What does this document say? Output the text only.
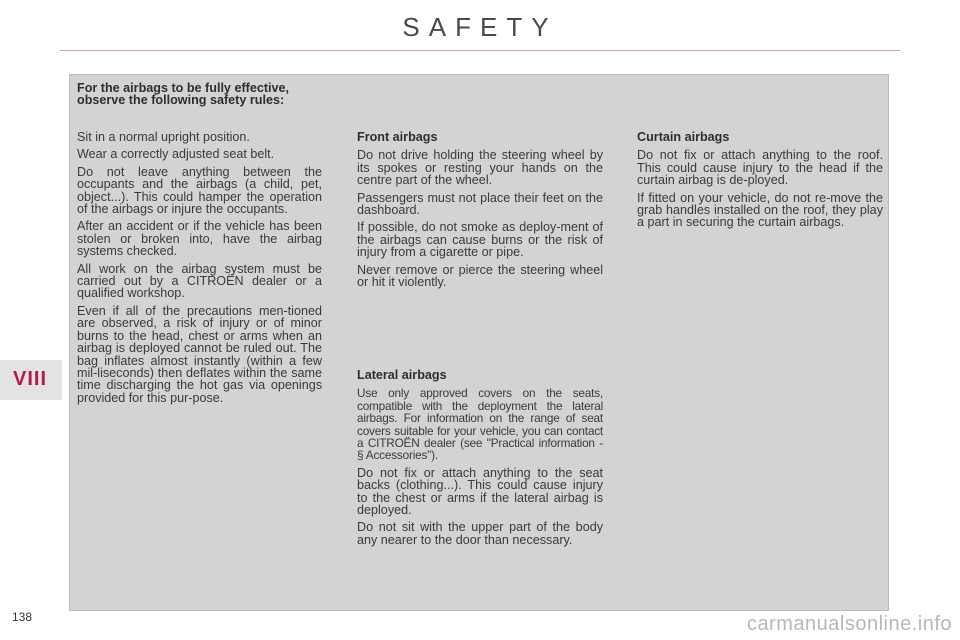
SAFETY
VIII
For the airbags to be fully effective, observe the following safety rules:

Sit in a normal upright position.

Wear a correctly adjusted seat belt.

Do not leave anything between the occupants and the airbags (a child, pet, object...). This could hamper the operation of the airbags or injure the occupants.

After an accident or if the vehicle has been stolen or broken into, have the airbag systems checked.

All work on the airbag system must be carried out by a CITROËN dealer or a qualified workshop.

Even if all of the precautions men-tioned are observed, a risk of injury or of minor burns to the head, chest or arms when an airbag is deployed cannot be ruled out. The bag inflates almost instantly (within a few mil-liseconds) then deflates within the same time discharging the hot gas via openings provided for this pur-pose.

Front airbags

Do not drive holding the steering wheel by its spokes or resting your hands on the centre part of the wheel.

Passengers must not place their feet on the dashboard.

If possible, do not smoke as deploy-ment of the airbags can cause burns or the risk of injury from a cigarette or pipe.

Never remove or pierce the steering wheel or hit it violently.

Lateral airbags

Use only approved covers on the seats, compatible with the deployment the lateral airbags. For information on the range of seat covers suitable for your vehicle, you can contact a CITROËN dealer (see "Practical information - § Accessories").

Do not fix or attach anything to the seat backs (clothing...). This could cause injury to the chest or arms if the lateral airbag is deployed.

Do not sit with the upper part of the body any nearer to the door than necessary.

Curtain airbags

Do not fix or attach anything to the roof. This could cause injury to the head if the curtain airbag is de-ployed.

If fitted on your vehicle, do not re-move the grab handles installed on the roof, they play a part in securing the curtain airbags.

138	carmanualsonline.info
